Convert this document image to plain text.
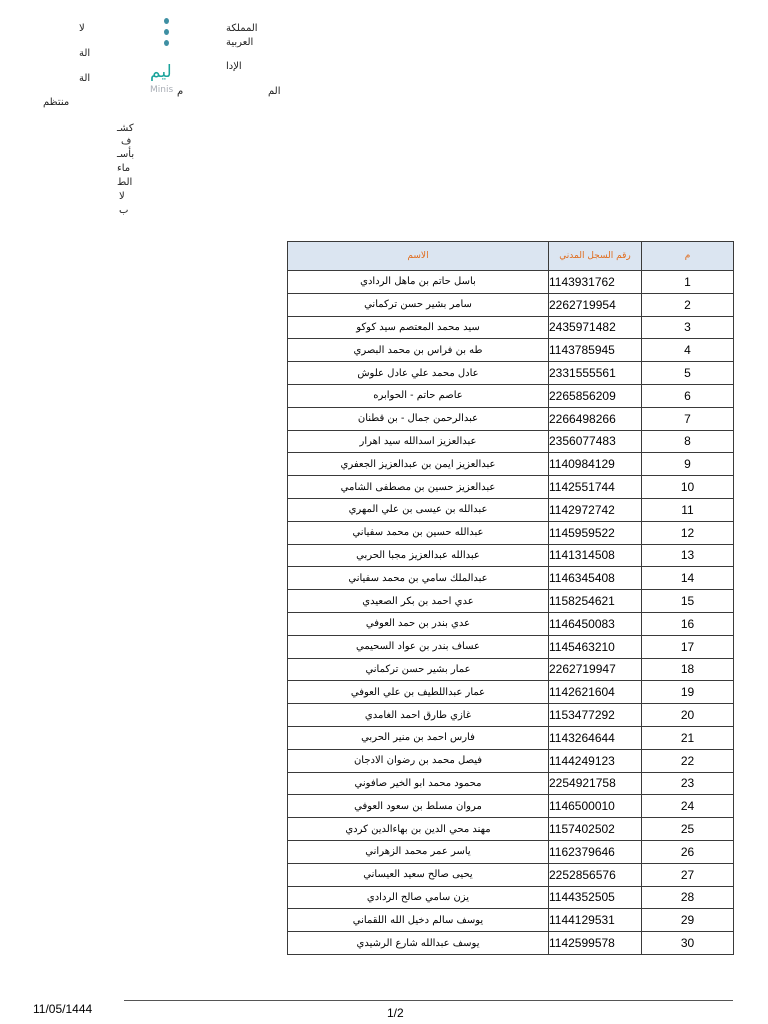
المملكة
العربية
الإدا
الم
م
ليم
Minis
لا
الة
الة
منتظم
كشـ
ف
بأسـ
ماء
الط
لا
ب
الاسم	رقم السجل المدني	م
باسل حاتم بن ماهل الردادي	1143931762	1
سامر بشير حسن تركماني	2262719954	2
سيد محمد المعتصم سيد كوكو	2435971482	3
طه بن فراس بن محمد البصري	1143785945	4
عادل محمد علي عادل علوش	2331555561	5
عاصم حاتم - الحوابره	2265856209	6
عبدالرحمن جمال - بن قطنان	2266498266	7
عبدالعزيز اسدالله سيد اهرار	2356077483	8
عبدالعزيز ايمن بن عبدالعزيز الجعفري	1140984129	9
عبدالعزيز حسين بن مصطفى الشامي	1142551744	10
عبدالله بن عيسى بن علي المهري	1142972742	11
عبدالله حسين بن محمد سفياني	1145959522	12
عبدالله عبدالعزيز مجبا الحربي	1141314508	13
عبدالملك سامي بن محمد سفياني	1146345408	14
عدي احمد بن بكر الصعيدي	1158254621	15
عدي بندر بن حمد العوفي	1146450083	16
عساف بندر بن عواد السحيمي	1145463210	17
عمار بشير حسن تركماني	2262719947	18
عمار عبداللطيف بن علي العوفي	1142621604	19
غازي طارق احمد الغامدي	1153477292	20
فارس احمد بن منير الحربي	1143264644	21
فيصل محمد بن رضوان الادجان	1144249123	22
محمود محمد ابو الخير صافوني	2254921758	23
مروان مسلط بن سعود العوفي	1146500010	24
مهند محي الدين بن بهاءالدين كردي	1157402502	25
ياسر عمر محمد الزهراني	1162379646	26
يحيى صالح سعيد العيساني	2252856576	27
يزن سامي صالح الردادي	1144352505	28
يوسف سالم دخيل الله اللقماني	1144129531	29
يوسف عبدالله شارع الرشيدي	1142599578	30
11/05/1444	1/2
